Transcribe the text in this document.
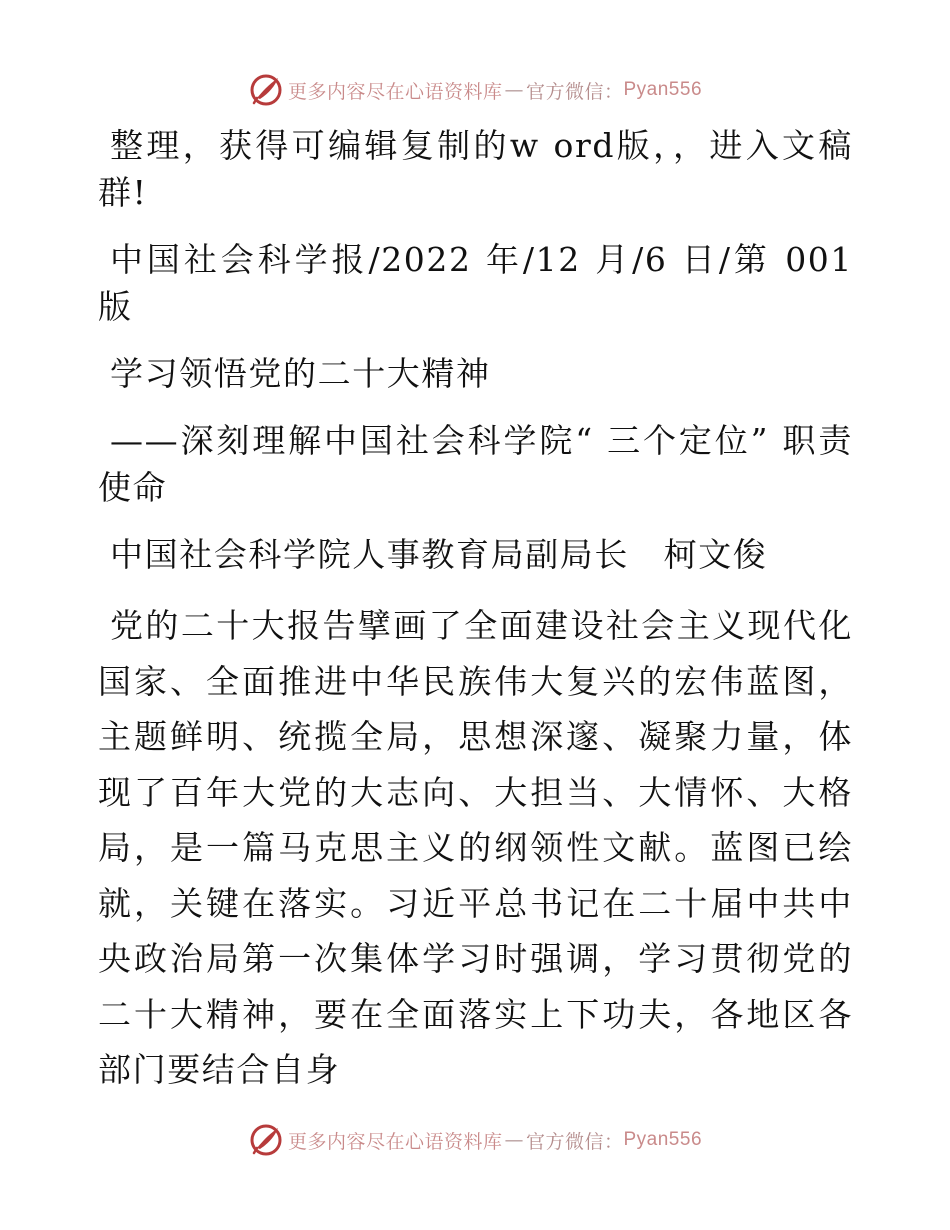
更多内容尽在心语资料库 — 官方微信： Pyan556

整理，获得可编辑复制的w ord版，，进入文稿群!

中国社会科学报/2022 年/12 月/6 日/第 001 版

学习领悟党的二十大精神

——深刻理解中国社会科学院“ 三个定位” 职责使命

中国社会科学院人事教育局副局长　柯文俊

党的二十大报告擘画了全面建设社会主义现代化国家、全面推进中华民族伟大复兴的宏伟蓝图，主题鲜明、统揽全局，思想深邃、凝聚力量，体现了百年大党的大志向、大担当、大情怀、大格局，是一篇马克思主义的纲领性文献。蓝图已绘就，关键在落实。习近平总书记在二十届中共中央政治局第一次集体学习时强调，学习贯彻党的二十大精神，要在全面落实上下功夫，各地区各部门要结合自身

更多内容尽在心语资料库 — 官方微信： Pyan556
